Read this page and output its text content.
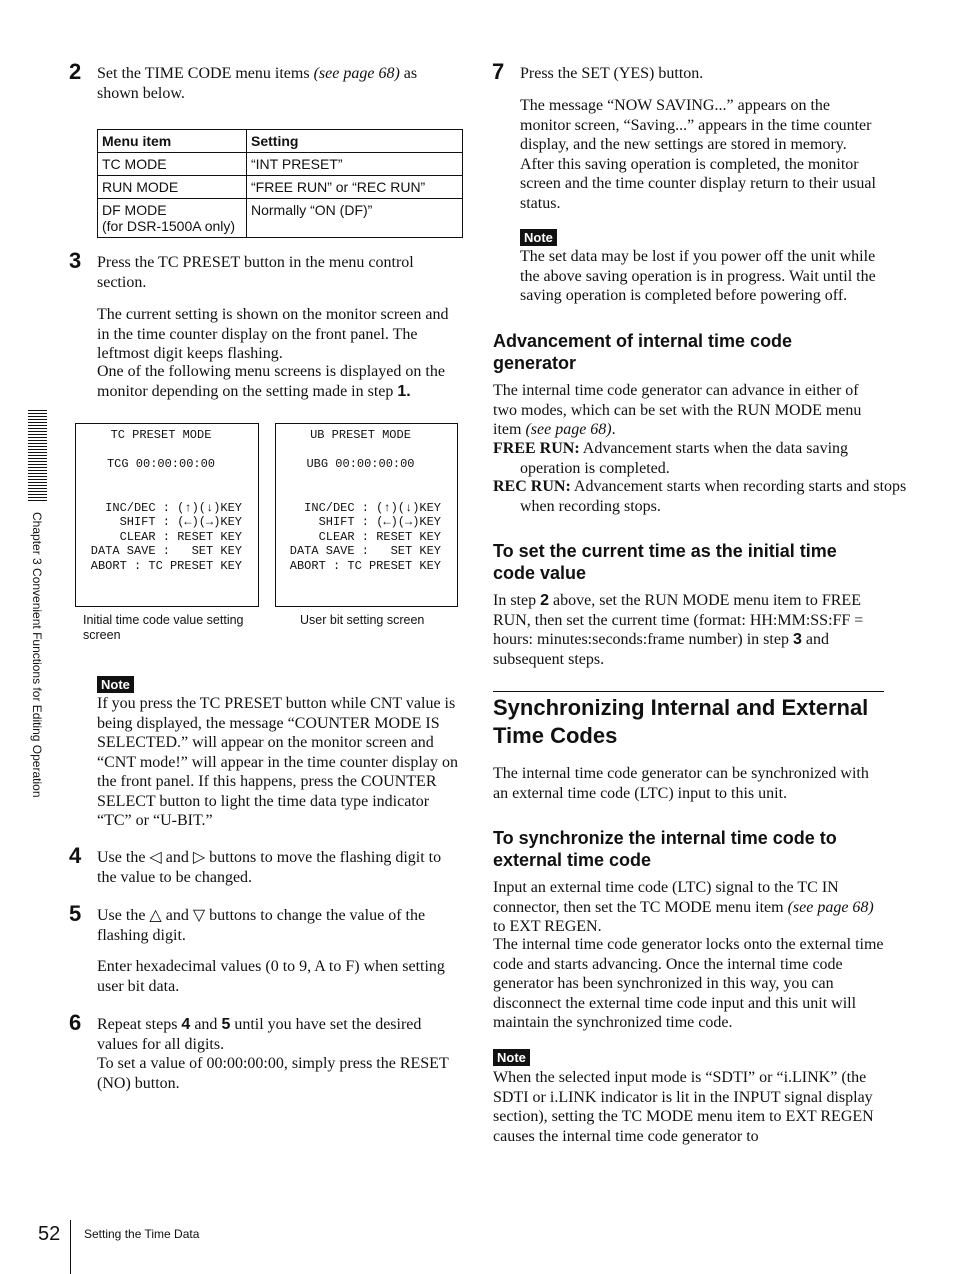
Chapter 3 Convenient Functions for Editing Operation
2 Set the TIME CODE menu items (see page 68) as shown below.

Menu item	Setting
TC MODE	“INT PRESET”
RUN MODE	“FREE RUN” or “REC RUN”
DF MODE
(for DSR-1500A only)	Normally “ON (DF)”
3 Press the TC PRESET button in the menu control section.

The current setting is shown on the monitor screen and in the time counter display on the front panel. The leftmost digit keeps flashing.

One of the following menu screens is displayed on the monitor depending on the setting made in step 1.

TC PRESET MODE
TCG 00:00:00:00
INC/DEC : (↑)(↓)KEY
SHIFT : (←)(→)KEY
CLEAR : RESET KEY
DATA SAVE :   SET KEY
ABORT : TC PRESET KEY
UB PRESET MODE
UBG 00:00:00:00
INC/DEC : (↑)(↓)KEY
SHIFT : (←)(→)KEY
CLEAR : RESET KEY
DATA SAVE :   SET KEY
ABORT : TC PRESET KEY
Initial time code value setting screen
User bit setting screen
Note

If you press the TC PRESET button while CNT value is being displayed, the message “COUNTER MODE IS SELECTED.” will appear on the monitor screen and “CNT mode!” will appear in the time counter display on the front panel. If this happens, press the COUNTER SELECT button to light the time data type indicator “TC” or “U-BIT.”

4 Use the ◁ and ▷ buttons to move the flashing digit to the value to be changed.

5 Use the △ and ▽ buttons to change the value of the flashing digit.

Enter hexadecimal values (0 to 9, A to F) when setting user bit data.

6 Repeat steps 4 and 5 until you have set the desired values for all digits.

To set a value of 00:00:00:00, simply press the RESET (NO) button.

7 Press the SET (YES) button.

The message “NOW SAVING...” appears on the monitor screen, “Saving...” appears in the time counter display, and the new settings are stored in memory. After this saving operation is completed, the monitor screen and the time counter display return to their usual status.

Note

The set data may be lost if you power off the unit while the above saving operation is in progress. Wait until the saving operation is completed before powering off.

Advancement of internal time code generator

The internal time code generator can advance in either of two modes, which can be set with the RUN MODE menu item (see page 68).

FREE RUN: Advancement starts when the data saving operation is completed.

REC RUN: Advancement starts when recording starts and stops when recording stops.

To set the current time as the initial time code value

In step 2 above, set the RUN MODE menu item to FREE RUN, then set the current time (format: HH:MM:SS:FF = hours: minutes:seconds:frame number) in step 3 and subsequent steps.

Synchronizing Internal and External Time Codes

The internal time code generator can be synchronized with an external time code (LTC) input to this unit.

To synchronize the internal time code to external time code

Input an external time code (LTC) signal to the TC IN connector, then set the TC MODE menu item (see page 68) to EXT REGEN.

The internal time code generator locks onto the external time code and starts advancing. Once the internal time code generator has been synchronized in this way, you can disconnect the external time code input and this unit will maintain the synchronized time code.

Note

When the selected input mode is “SDTI” or “i.LINK” (the SDTI or i.LINK indicator is lit in the INPUT signal display section), setting the TC MODE menu item to EXT REGEN causes the internal time code generator to

52 Setting the Time Data
